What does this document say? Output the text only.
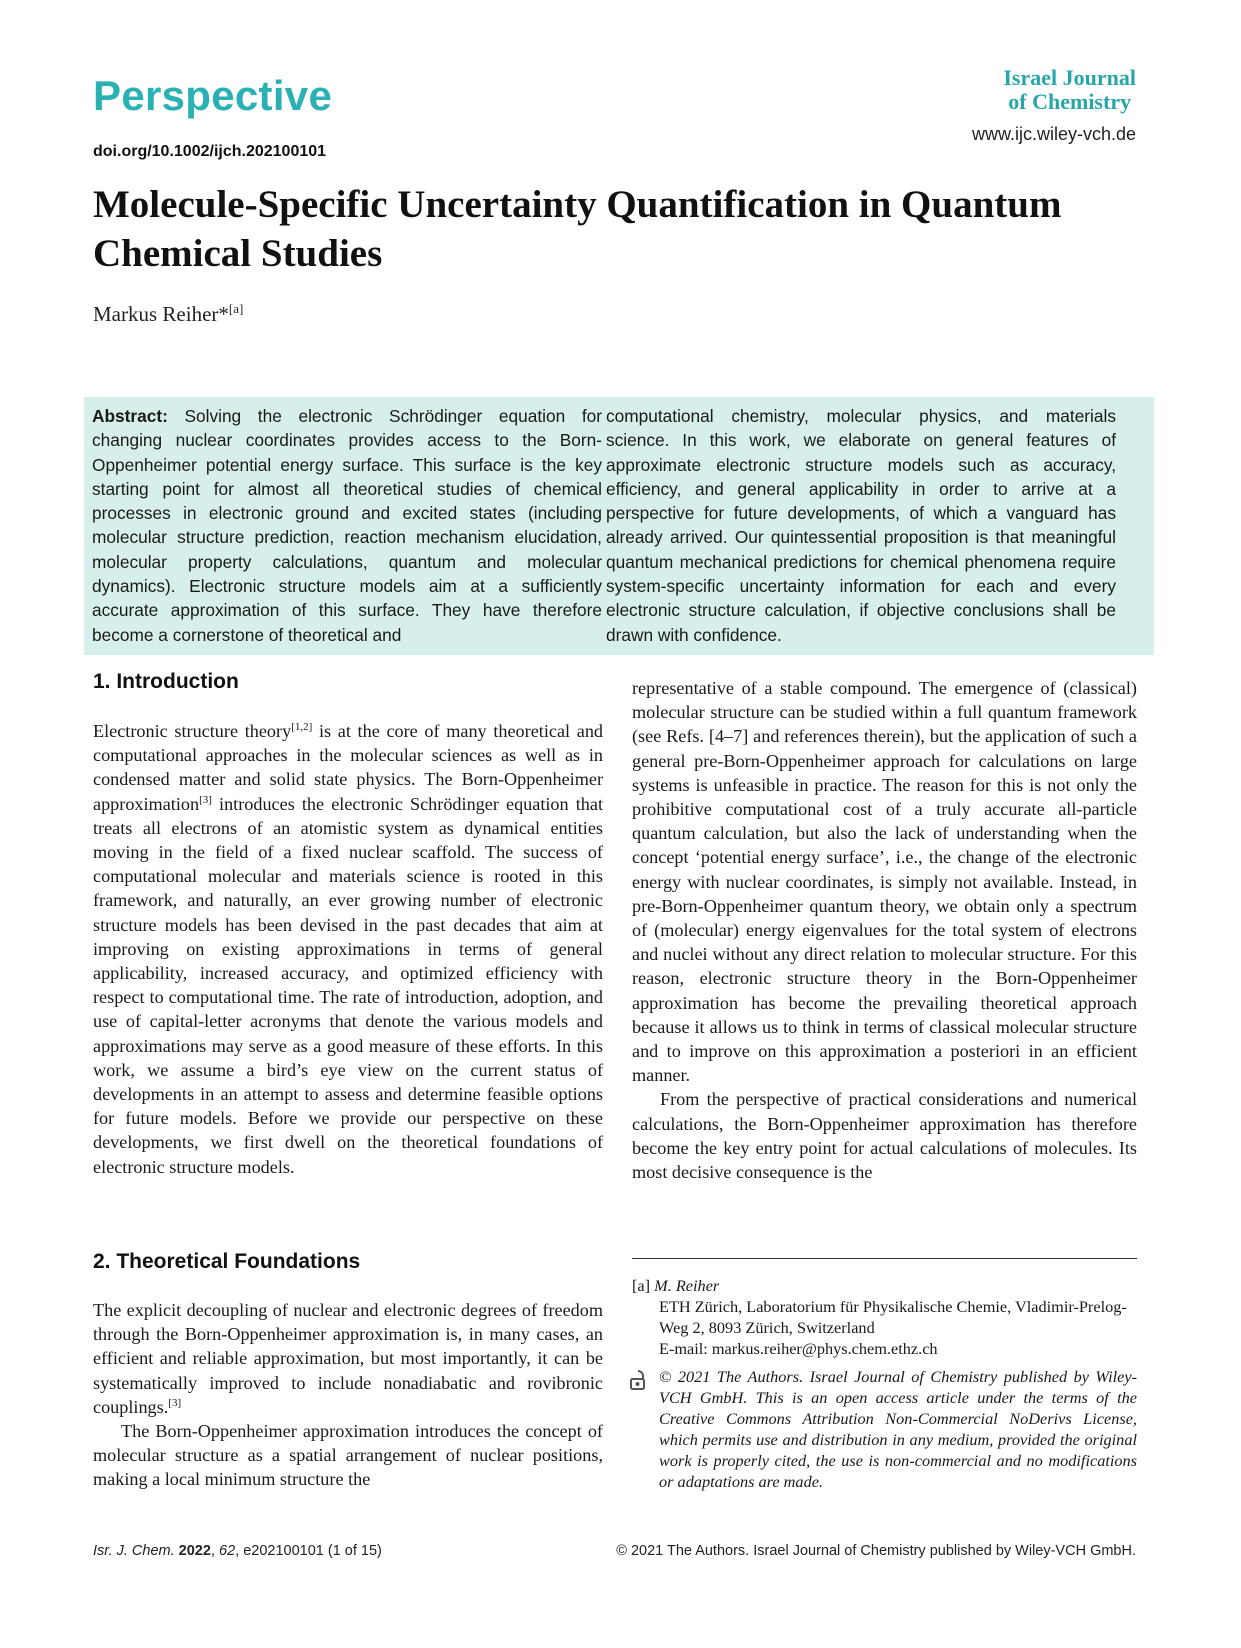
Perspective
doi.org/10.1002/ijch.202100101
Israel Journal
of Chemistry
www.ijc.wiley-vch.de
Molecule-Specific Uncertainty Quantification in Quantum Chemical Studies
Markus Reiher*[a]
Abstract: Solving the electronic Schrödinger equation for changing nuclear coordinates provides access to the Born-Oppenheimer potential energy surface. This surface is the key starting point for almost all theoretical studies of chemical processes in electronic ground and excited states (including molecular structure prediction, reaction mechanism elucidation, molecular property calculations, quantum and molecular dynamics). Electronic structure models aim at a sufficiently accurate approximation of this surface. They have therefore become a cornerstone of theoretical and
computational chemistry, molecular physics, and materials science. In this work, we elaborate on general features of approximate electronic structure models such as accuracy, efficiency, and general applicability in order to arrive at a perspective for future developments, of which a vanguard has already arrived. Our quintessential proposition is that meaningful quantum mechanical predictions for chemical phenomena require system-specific uncertainty information for each and every electronic structure calculation, if objective conclusions shall be drawn with confidence.
1. Introduction
Electronic structure theory[1,2] is at the core of many theoretical and computational approaches in the molecular sciences as well as in condensed matter and solid state physics. The Born-Oppenheimer approximation[3] introduces the electronic Schrödinger equation that treats all electrons of an atomistic system as dynamical entities moving in the field of a fixed nuclear scaffold. The success of computational molecular and materials science is rooted in this framework, and naturally, an ever growing number of electronic structure models has been devised in the past decades that aim at improving on existing approximations in terms of general applicability, increased accuracy, and optimized efficiency with respect to computational time. The rate of introduction, adoption, and use of capital-letter acronyms that denote the various models and approximations may serve as a good measure of these efforts. In this work, we assume a bird’s eye view on the current status of developments in an attempt to assess and determine feasible options for future models. Before we provide our perspective on these developments, we first dwell on the theoretical foundations of electronic structure models.
2. Theoretical Foundations
The explicit decoupling of nuclear and electronic degrees of freedom through the Born-Oppenheimer approximation is, in many cases, an efficient and reliable approximation, but most importantly, it can be systematically improved to include nonadiabatic and rovibronic couplings.[3]
The Born-Oppenheimer approximation introduces the concept of molecular structure as a spatial arrangement of nuclear positions, making a local minimum structure the
representative of a stable compound. The emergence of (classical) molecular structure can be studied within a full quantum framework (see Refs. [4–7] and references therein), but the application of such a general pre-Born-Oppenheimer approach for calculations on large systems is unfeasible in practice. The reason for this is not only the prohibitive computational cost of a truly accurate all-particle quantum calculation, but also the lack of understanding when the concept ‘potential energy surface’, i.e., the change of the electronic energy with nuclear coordinates, is simply not available. Instead, in pre-Born-Oppenheimer quantum theory, we obtain only a spectrum of (molecular) energy eigenvalues for the total system of electrons and nuclei without any direct relation to molecular structure. For this reason, electronic structure theory in the Born-Oppenheimer approximation has become the prevailing theoretical approach because it allows us to think in terms of classical molecular structure and to improve on this approximation a posteriori in an efficient manner.
From the perspective of practical considerations and numerical calculations, the Born-Oppenheimer approximation has therefore become the key entry point for actual calculations of molecules. Its most decisive consequence is the
[a] M. Reiher
ETH Zürich, Laboratorium für Physikalische Chemie, Vladimir-Prelog-Weg 2, 8093 Zürich, Switzerland
E-mail: markus.reiher@phys.chem.ethz.ch
© 2021 The Authors. Israel Journal of Chemistry published by Wiley-VCH GmbH. This is an open access article under the terms of the Creative Commons Attribution Non-Commercial NoDerivs License, which permits use and distribution in any medium, provided the original work is properly cited, the use is non-commercial and no modifications or adaptations are made.
Isr. J. Chem. 2022, 62, e202100101 (1 of 15)	© 2021 The Authors. Israel Journal of Chemistry published by Wiley-VCH GmbH.
